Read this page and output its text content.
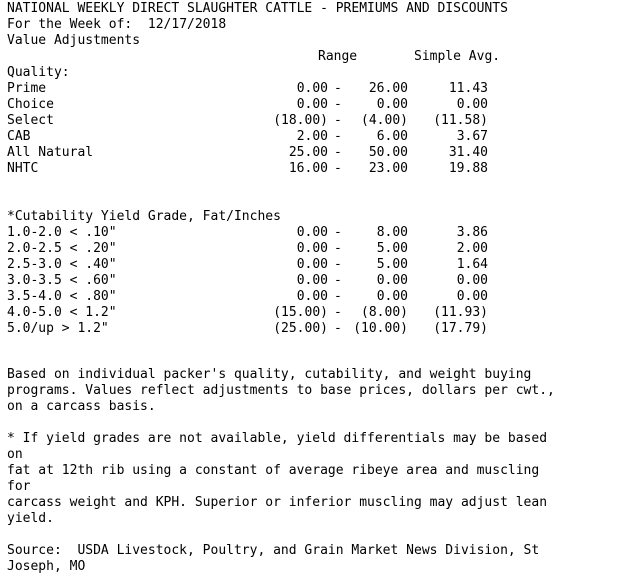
NATIONAL WEEKLY DIRECT SLAUGHTER CATTLE - PREMIUMS AND DISCOUNTS
For the Week of: 12/17/2018
Value Adjustments
Range	Simple Avg.
Quality:
Prime	0.00 -	26.00	11.43
Choice	0.00 -	0.00	0.00
Select	(18.00) -	(4.00)	(11.58)
CAB	2.00 -	6.00	3.67
All Natural	25.00 -	50.00	31.40
NHTC	16.00 -	23.00	19.88
*Cutability Yield Grade, Fat/Inches
1.0-2.0 < .10"	0.00 -	8.00	3.86
2.0-2.5 < .20"	0.00 -	5.00	2.00
2.5-3.0 < .40"	0.00 -	5.00	1.64
3.0-3.5 < .60"	0.00 -	0.00	0.00
3.5-4.0 < .80"	0.00 -	0.00	0.00
4.0-5.0 < 1.2"	(15.00) -	(8.00)	(11.93)
5.0/up > 1.2"	(25.00) - (10.00)	(17.79)
Based on individual packer's quality, cutability, and weight buying
programs. Values reflect adjustments to base prices, dollars per cwt.,
on a carcass basis.
* If yield grades are not available, yield differentials may be based
on
fat at 12th rib using a constant of average ribeye area and muscling
for
carcass weight and KPH. Superior or inferior muscling may adjust lean
yield.
Source:  USDA Livestock, Poultry, and Grain Market News Division, St
Joseph, MO
